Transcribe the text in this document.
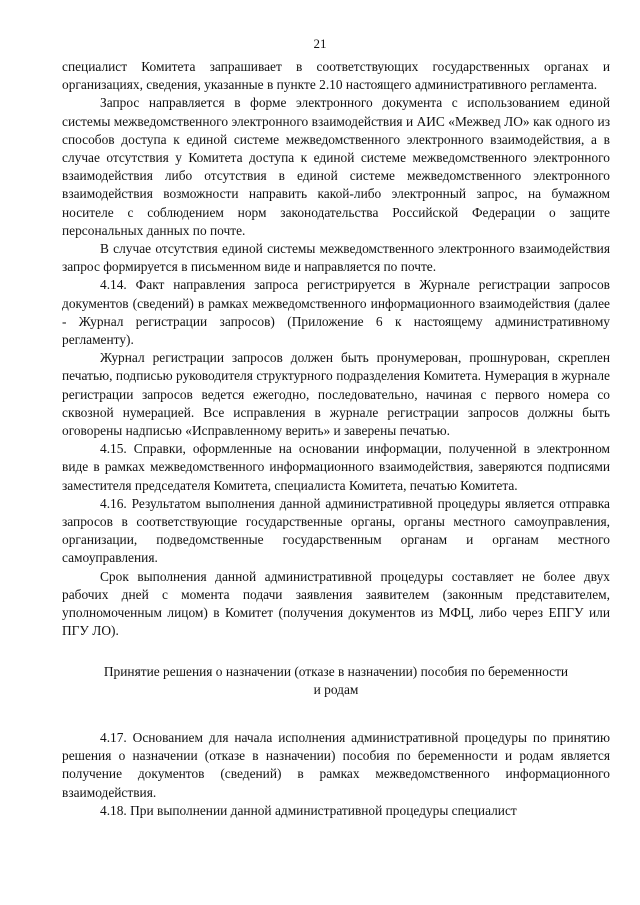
21

специалист Комитета запрашивает в соответствующих государственных органах и организациях, сведения, указанные в пункте 2.10 настоящего административного регламента.

Запрос направляется в форме электронного документа с использованием единой системы межведомственного электронного взаимодействия и АИС «Межвед ЛО» как одного из способов доступа к единой системе межведомственного электронного взаимодействия, а в случае отсутствия у Комитета доступа к единой системе межведомственного электронного взаимодействия либо отсутствия в единой системе межведомственного электронного взаимодействия возможности направить какой-либо электронный запрос, на бумажном носителе с соблюдением норм законодательства Российской Федерации о защите персональных данных по почте.

В случае отсутствия единой системы межведомственного электронного взаимодействия запрос формируется в письменном виде и направляется по почте.

4.14. Факт направления запроса регистрируется в Журнале регистрации запросов документов (сведений) в рамках межведомственного информационного взаимодействия (далее - Журнал регистрации запросов) (Приложение 6 к настоящему административному регламенту).

Журнал регистрации запросов должен быть пронумерован, прошнурован, скреплен печатью, подписью руководителя структурного подразделения Комитета. Нумерация в журнале регистрации запросов ведется ежегодно, последовательно, начиная с первого номера со сквозной нумерацией. Все исправления в журнале регистрации запросов должны быть оговорены надписью «Исправленному верить» и заверены печатью.

4.15. Справки, оформленные на основании информации, полученной в электронном виде в рамках межведомственного информационного взаимодействия, заверяются подписями заместителя председателя Комитета, специалиста Комитета, печатью Комитета.

4.16. Результатом выполнения данной административной процедуры является отправка запросов в соответствующие государственные органы, органы местного самоуправления, организации, подведомственные государственным органам и органам местного самоуправления.

Срок выполнения данной административной процедуры составляет не более двух рабочих дней с момента подачи заявления заявителем (законным представителем, уполномоченным лицом) в Комитет (получения документов из МФЦ, либо через ЕПГУ или ПГУ ЛО).

Принятие решения о назначении (отказе в назначении) пособия по беременности и родам

4.17. Основанием для начала исполнения административной процедуры по принятию решения о назначении (отказе в назначении) пособия по беременности и родам является получение документов (сведений) в рамках межведомственного информационного взаимодействия.

4.18. При выполнении данной административной процедуры специалист
